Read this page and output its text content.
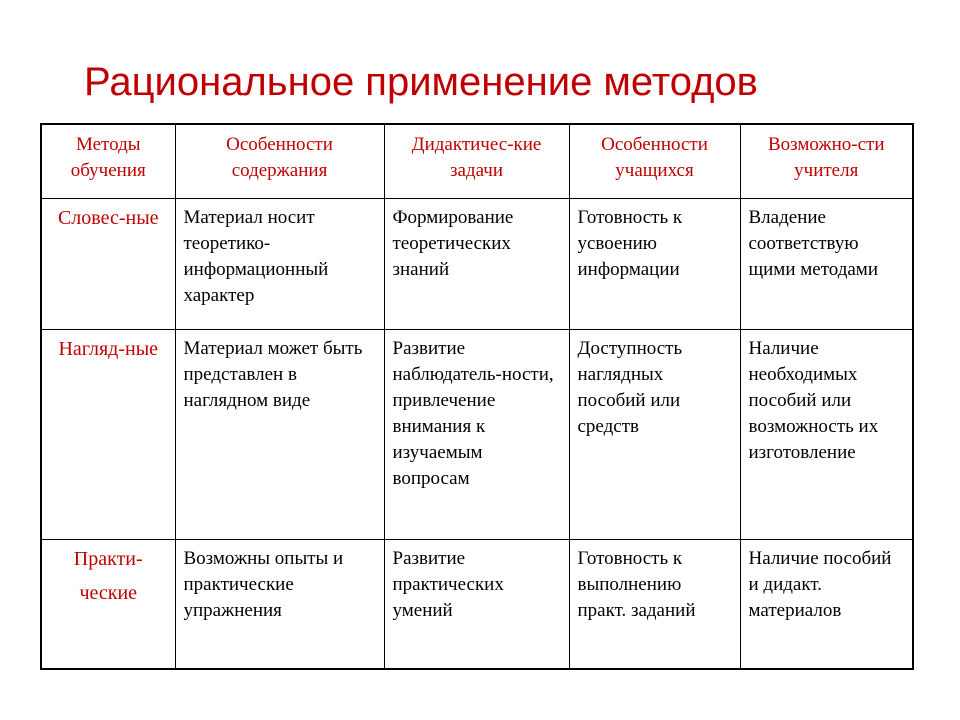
Рациональное применение методов
Методы обучения	Особенности содержания	Дидактичес-кие задачи	Особенности учащихся	Возможно-сти учителя
Словес-ные	Материал носит теоретико-информационный характер	Формирование теоретических знаний	Готовность к усвоению информации	Владение соответствую щими методами
Нагляд-ные	Материал может быть представлен в наглядном виде	Развитие наблюдатель-ности, привлечение внимания к изучаемым вопросам	Доступность наглядных пособий или средств	Наличие необходимых пособий или возможность их изготовление
Практи-ческие	Возможны опыты и практические упражнения	Развитие практических умений	Готовность к выполнению практ. заданий	Наличие пособий и дидакт. материалов
